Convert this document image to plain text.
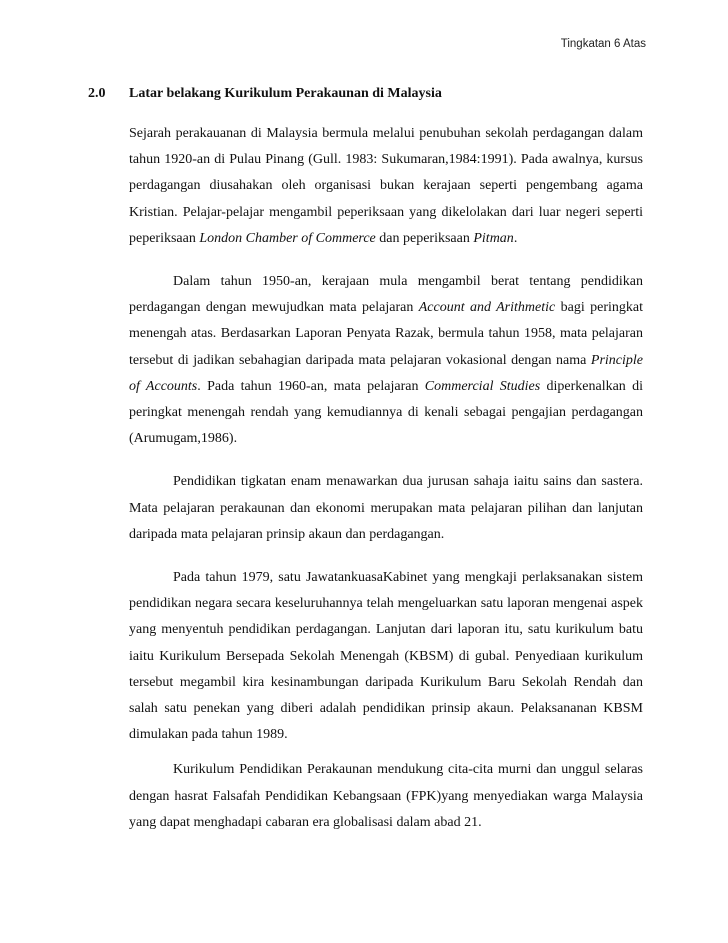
Tingkatan 6 Atas
2.0 Latar belakang Kurikulum Perakaunan di Malaysia

Sejarah perakauanan di Malaysia bermula melalui penubuhan sekolah perdagangan dalam tahun 1920-an di Pulau Pinang (Gull. 1983: Sukumaran,1984:1991). Pada awalnya, kursus perdagangan diusahakan oleh organisasi bukan kerajaan seperti pengembang agama Kristian. Pelajar-pelajar mengambil peperiksaan yang dikelolakan dari luar negeri seperti peperiksaan London Chamber of Commerce dan peperiksaan Pitman.

Dalam tahun 1950-an, kerajaan mula mengambil berat tentang pendidikan perdagangan dengan mewujudkan mata pelajaran Account and Arithmetic bagi peringkat menengah atas. Berdasarkan Laporan Penyata Razak, bermula tahun 1958, mata pelajaran tersebut di jadikan sebahagian daripada mata pelajaran vokasional dengan nama Principle of Accounts. Pada tahun 1960-an, mata pelajaran Commercial Studies diperkenalkan di peringkat menengah rendah yang kemudiannya di kenali sebagai pengajian perdagangan (Arumugam,1986).

Pendidikan tigkatan enam menawarkan dua jurusan sahaja iaitu sains dan sastera. Mata pelajaran perakaunan dan ekonomi merupakan mata pelajaran pilihan dan lanjutan daripada mata pelajaran prinsip akaun dan perdagangan.

Pada tahun 1979, satu JawatankuasaKabinet yang mengkaji perlaksanakan sistem pendidikan negara secara keseluruhannya telah mengeluarkan satu laporan mengenai aspek yang menyentuh pendidikan perdagangan. Lanjutan dari laporan itu, satu kurikulum batu iaitu Kurikulum Bersepada Sekolah Menengah (KBSM) di gubal. Penyediaan kurikulum tersebut megambil kira kesinambungan daripada Kurikulum Baru Sekolah Rendah dan salah satu penekan yang diberi adalah pendidikan prinsip akaun. Pelaksananan KBSM dimulakan pada tahun 1989.

Kurikulum Pendidikan Perakaunan mendukung cita-cita murni dan unggul selaras dengan hasrat Falsafah Pendidikan Kebangsaan (FPK)yang menyediakan warga Malaysia yang dapat menghadapi cabaran era globalisasi dalam abad 21.
